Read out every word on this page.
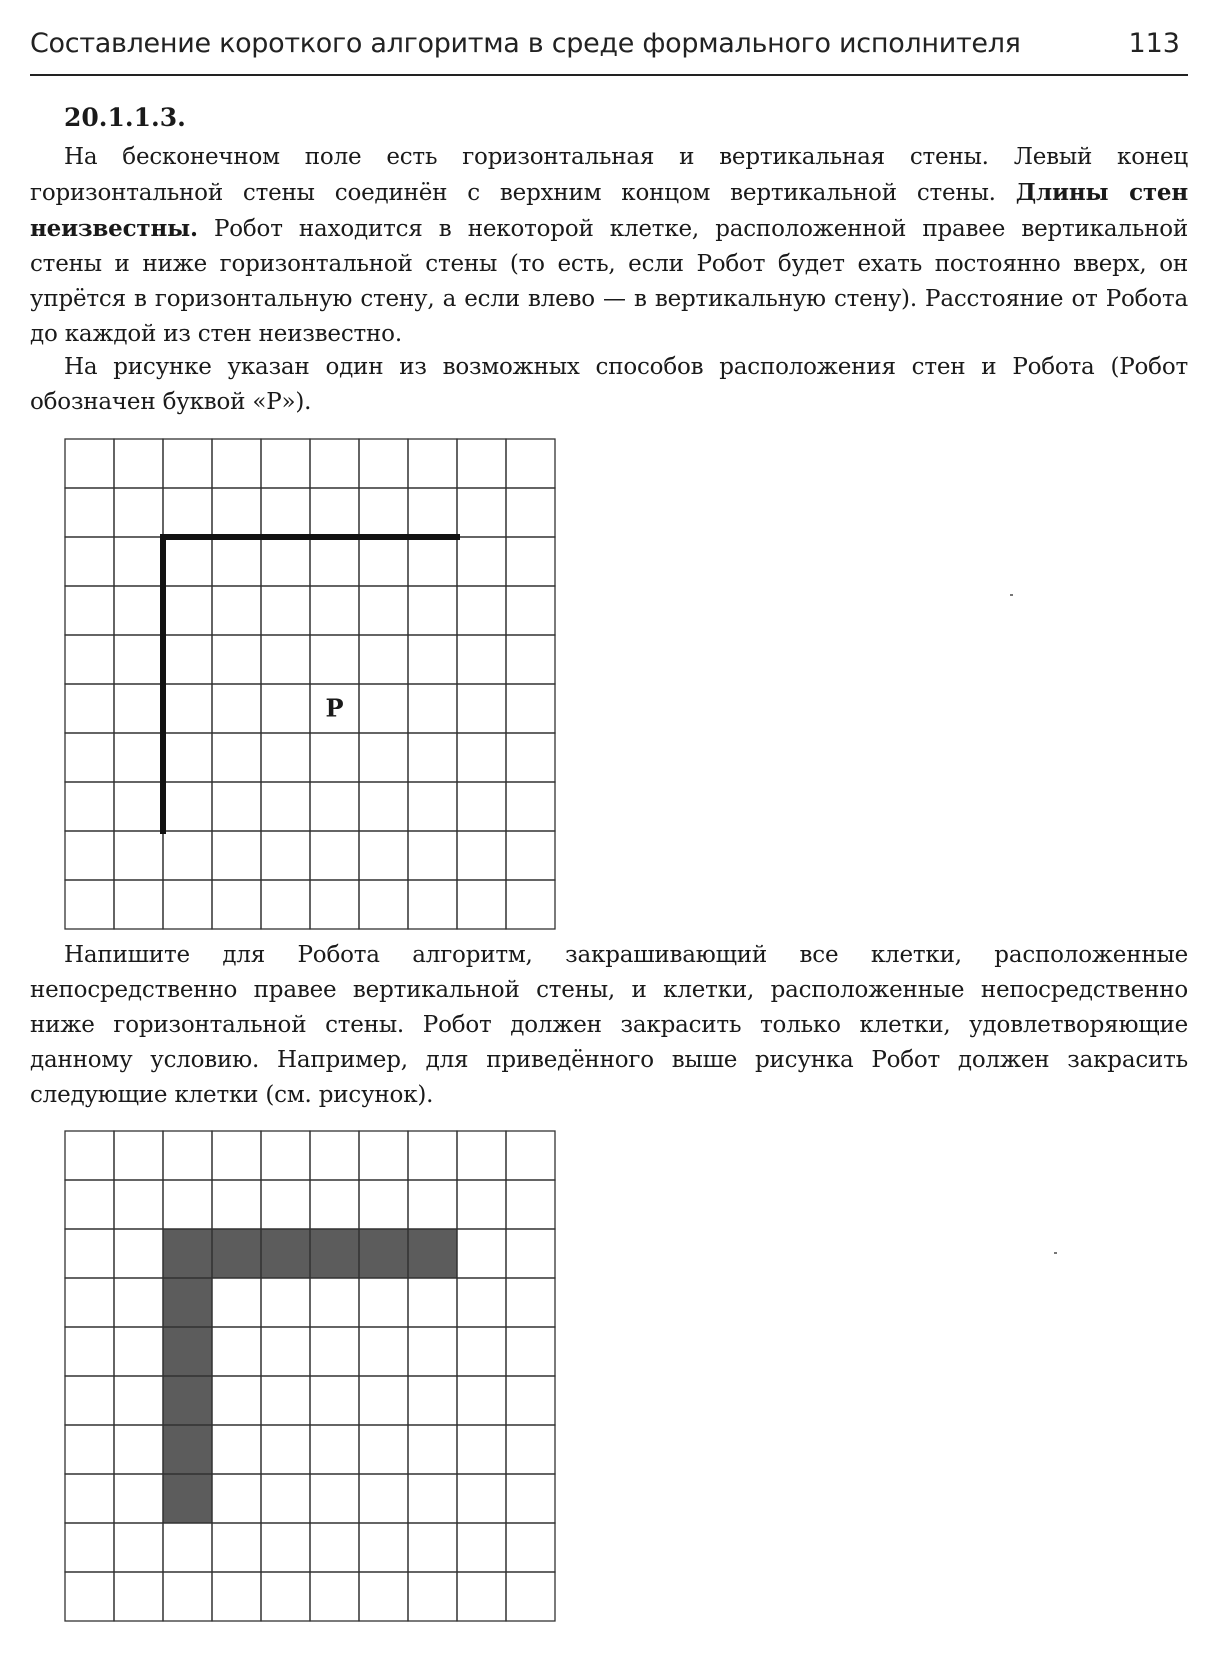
Составление короткого алгоритма в среде формального исполнителя	113
20.1.1.3.

На бесконечном поле есть горизонтальная и вертикальная стены. Левый конец горизонтальной стены соединён с верхним концом вертикальной стены. Длины стен неизвестны. Робот находится в некоторой клетке, расположенной правее вертикальной стены и ниже горизонтальной стены (то есть, если Робот будет ехать постоянно вверх, он упрётся в горизонтальную стену, а если влево — в вертикальную стену). Расстояние от Робота до каждой из стен неизвестно.

На рисунке указан один из возможных способов расположения стен и Робота (Робот обозначен буквой «Р»).

Р

Напишите для Робота алгоритм, закрашивающий все клетки, расположенные непосредственно правее вертикальной стены, и клетки, расположенные непосредственно ниже горизонтальной стены. Робот должен закрасить только клетки, удовлетворяющие данному условию. Например, для приведённого выше рисунка Робот должен закрасить следующие клетки (см. рисунок).
